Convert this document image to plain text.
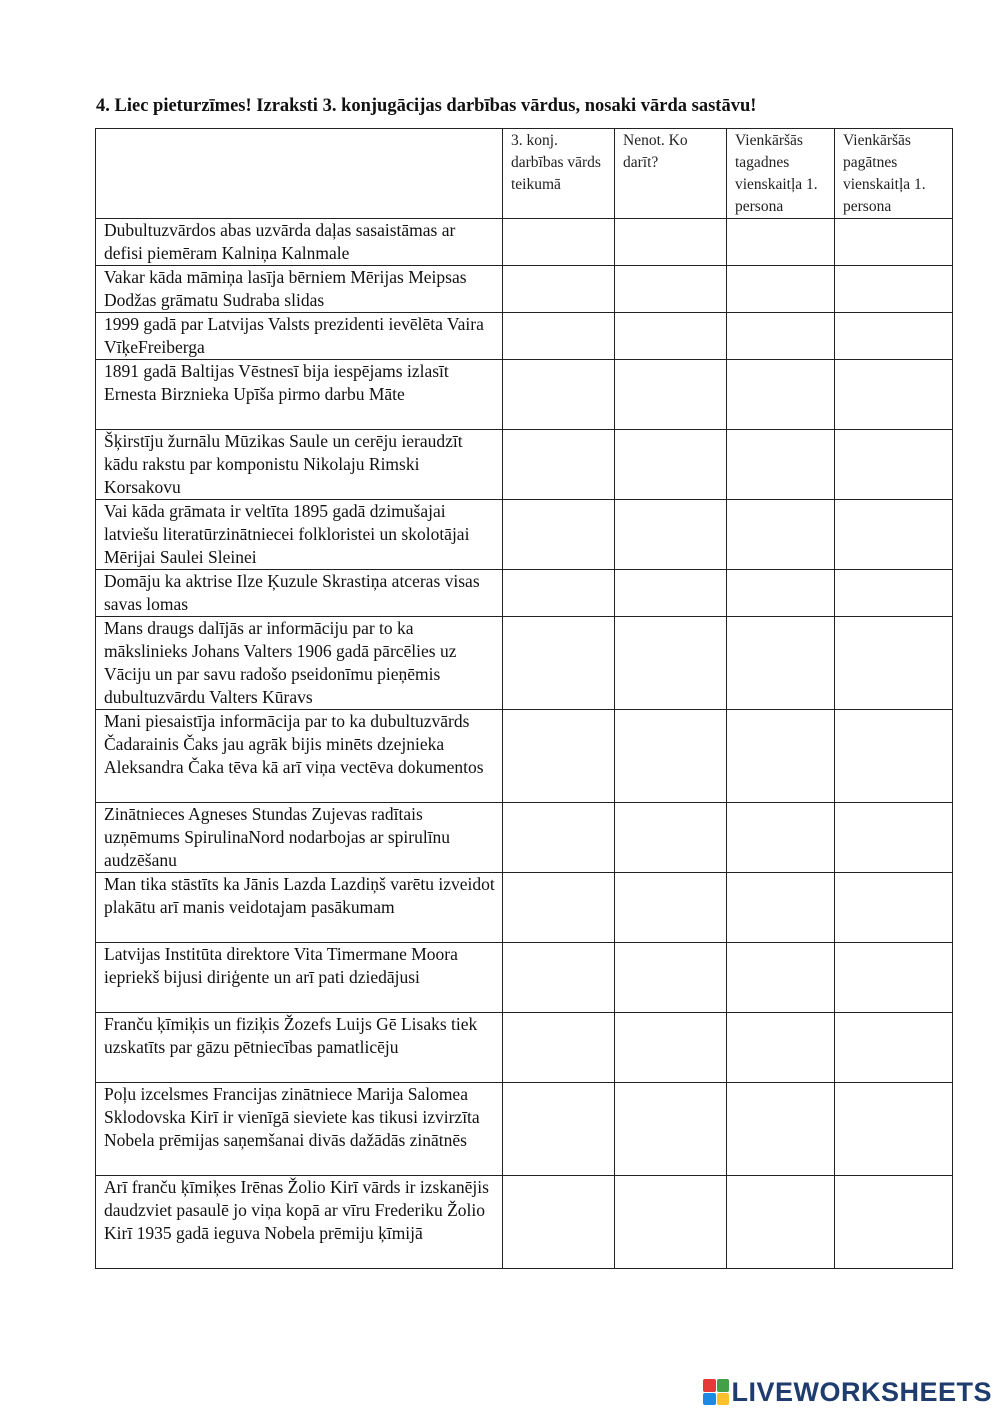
4. Liec pieturzīmes! Izraksti 3. konjugācijas darbības vārdus, nosaki vārda sastāvu!
	3. konj. darbības vārds teikumā	Nenot. Ko darīt?	Vienkāršās tagadnes vienskaitļa 1. persona	Vienkāršās pagātnes vienskaitļa 1. persona
Dubultuzvārdos abas uzvārda daļas sasaistāmas ar defisi piemēram Kalniņa Kalnmale	

Vakar kāda māmiņa lasīja bērniem Mērijas Meipsas Dodžas grāmatu Sudraba slidas	

1999 gadā par Latvijas Valsts prezidenti ievēlēta Vaira VīķeFreiberga	

1891 gadā Baltijas Vēstnesī bija iespējams izlasīt Ernesta Birznieka Upīša pirmo darbu Māte	

Šķirstīju žurnālu Mūzikas Saule un cerēju ieraudzīt kādu rakstu par komponistu Nikolaju Rimski Korsakovu	

Vai kāda grāmata ir veltīta 1895 gadā dzimušajai latviešu literatūrzinātniecei folkloristei un skolotājai Mērijai Saulei Sleinei	

Domāju ka aktrise Ilze Ķuzule Skrastiņa atceras visas savas lomas	

Mans draugs dalījās ar informāciju par to ka mākslinieks Johans Valters 1906 gadā pārcēlies uz Vāciju un par savu radošo pseidonīmu pieņēmis dubultuzvārdu Valters Kūravs	

Mani piesaistīja informācija par to ka dubultuzvārds Čadarainis Čaks jau agrāk bijis minēts dzejnieka Aleksandra Čaka tēva kā arī viņa vectēva dokumentos	

Zinātnieces Agneses Stundas Zujevas radītais uzņēmums SpirulinaNord nodarbojas ar spirulīnu audzēšanu	

Man tika stāstīts ka Jānis Lazda Lazdiņš varētu izveidot plakātu arī manis veidotajam pasākumam	

Latvijas Institūta direktore Vita Timermane Moora iepriekš bijusi diriģente un arī pati dziedājusi	

Franču ķīmiķis un fiziķis Žozefs Luijs Gē Lisaks tiek uzskatīts par gāzu pētniecības pamatlicēju	

Poļu izcelsmes Francijas zinātniece Marija Salomea Sklodovska Kirī ir vienīgā sieviete kas tikusi izvirzīta Nobela prēmijas saņemšanai divās dažādās zinātnēs	

Arī franču ķīmiķes Irēnas Žolio Kirī vārds ir izskanējis daudzviet pasaulē jo viņa kopā ar vīru Frederiku Žolio Kirī 1935 gadā ieguva Nobela prēmiju ķīmijā	

LIVEWORKSHEETS
